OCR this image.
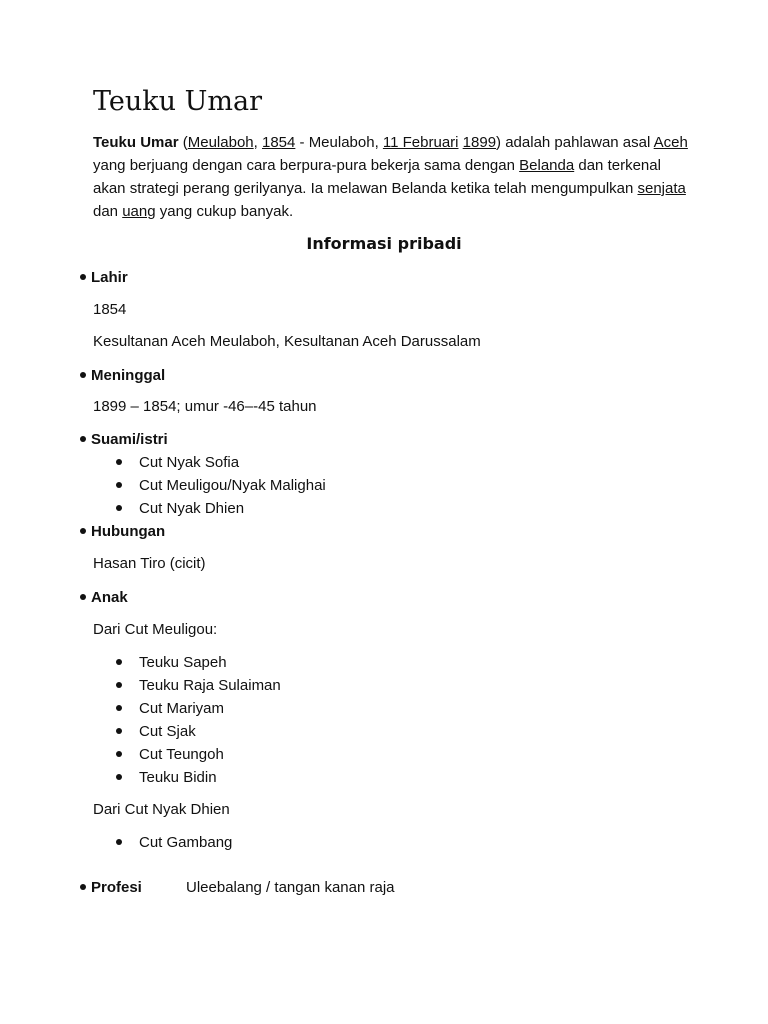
Teuku Umar

Teuku Umar (Meulaboh, 1854 - Meulaboh, 11 Februari 1899) adalah pahlawan asal Aceh yang berjuang dengan cara berpura-pura bekerja sama dengan Belanda dan terkenal akan strategi perang gerilyanya. Ia melawan Belanda ketika telah mengumpulkan senjata dan uang yang cukup banyak.

Informasi pribadi
Lahir
1854
Kesultanan Aceh Meulaboh, Kesultanan Aceh Darussalam
Meninggal
1899 – 1854; umur -46–-45 tahun
Suami/istri
Cut Nyak Sofia
Cut Meuligou/Nyak Malighai
Cut Nyak Dhien
Hubungan
Hasan Tiro (cicit)
Anak
Dari Cut Meuligou:
Teuku Sapeh
Teuku Raja Sulaiman
Cut Mariyam
Cut Sjak
Cut Teungoh
Teuku Bidin
Dari Cut Nyak Dhien
Cut Gambang
Profesi	Uleebalang / tangan kanan raja
